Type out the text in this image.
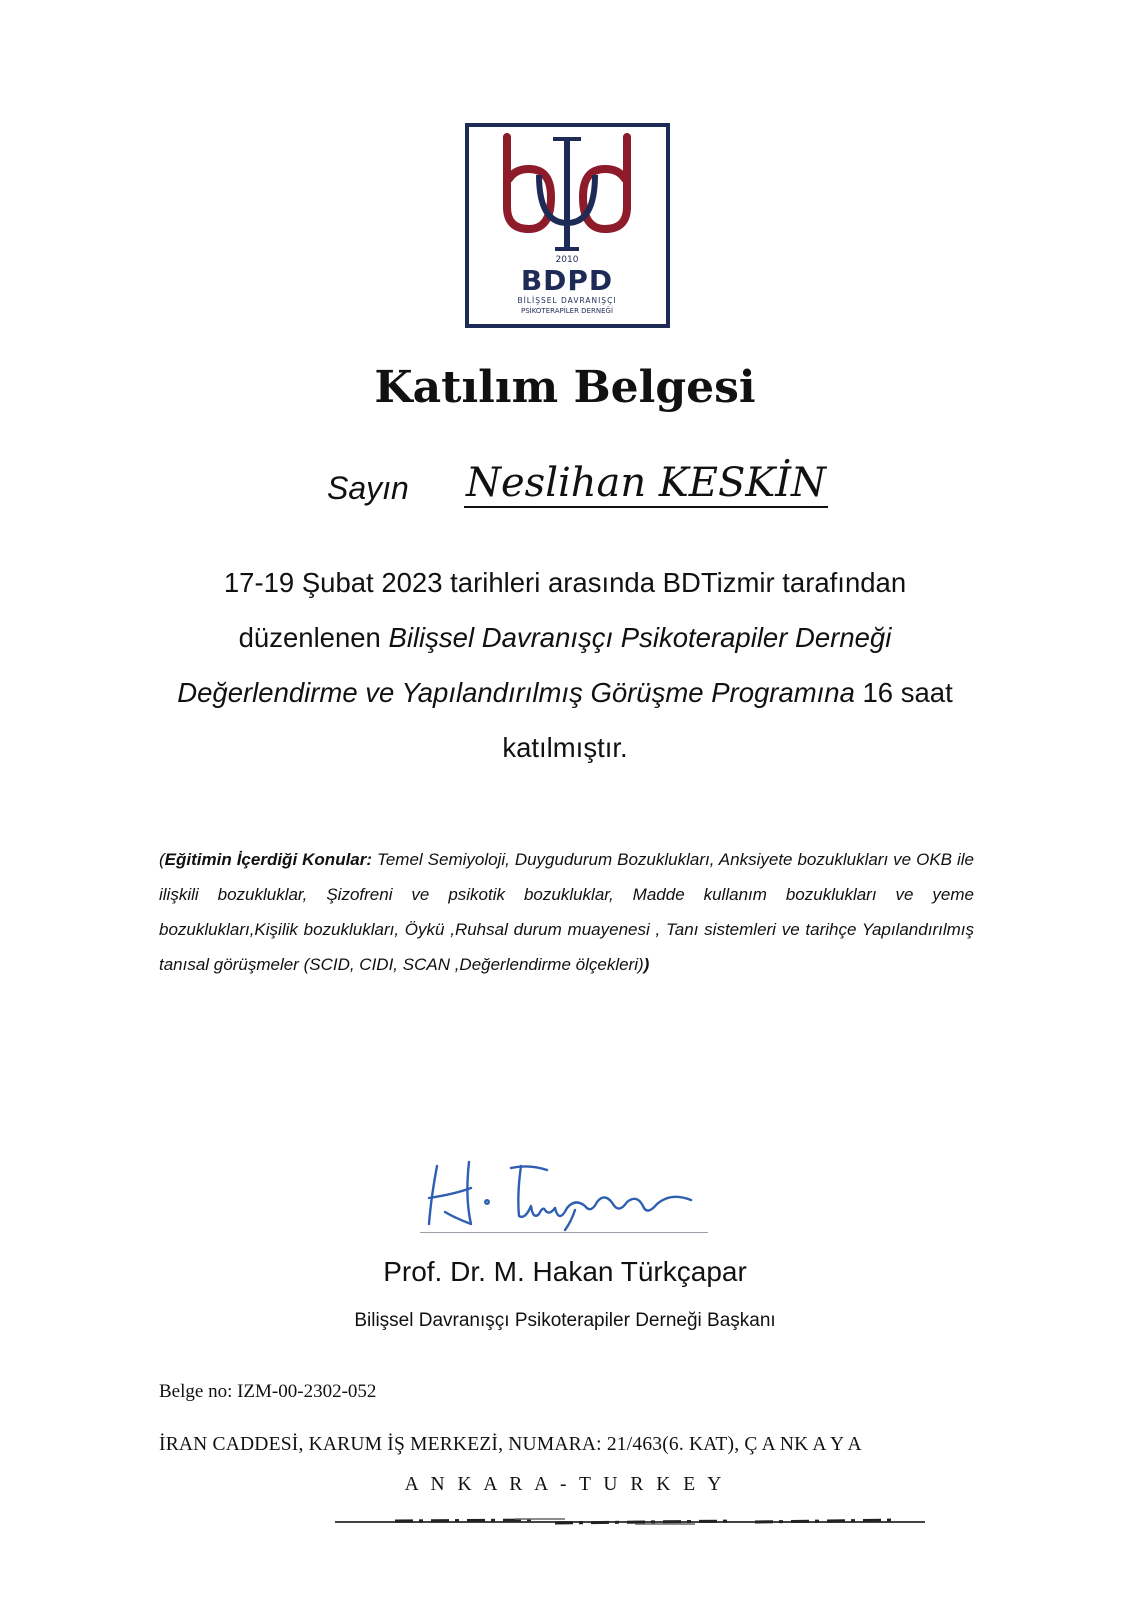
2010
BDPD
BİLİŞSEL DAVRANIŞÇI
PSİKOTERAPİLER DERNEĞİ
Katılım Belgesi
Sayın Neslihan KESKİN
17-19 Şubat 2023 tarihleri arasında BDTizmir tarafından düzenlenen Bilişsel Davranışçı Psikoterapiler Derneği Değerlendirme ve Yapılandırılmış Görüşme Programına 16 saat katılmıştır.
(Eğitimin İçerdiği Konular: Temel Semiyoloji, Duygudurum Bozuklukları, Anksiyete bozuklukları ve OKB ile ilişkili bozukluklar, Şizofreni ve psikotik bozukluklar, Madde kullanım bozuklukları ve yeme bozuklukları,Kişilik bozuklukları, Öykü ,Ruhsal durum muayenesi , Tanı sistemleri ve tarihçe Yapılandırılmış tanısal görüşmeler (SCID, CIDI, SCAN ,Değerlendirme ölçekleri))
Prof. Dr. M. Hakan Türkçapar
Bilişsel Davranışçı Psikoterapiler Derneği Başkanı
Belge no: IZM-00-2302-052
İRAN CADDESİ, KARUM İŞ MERKEZİ, NUMARA: 21/463(6. KAT), Ç A NK A Y A
A N K A R A - T U R K E Y
